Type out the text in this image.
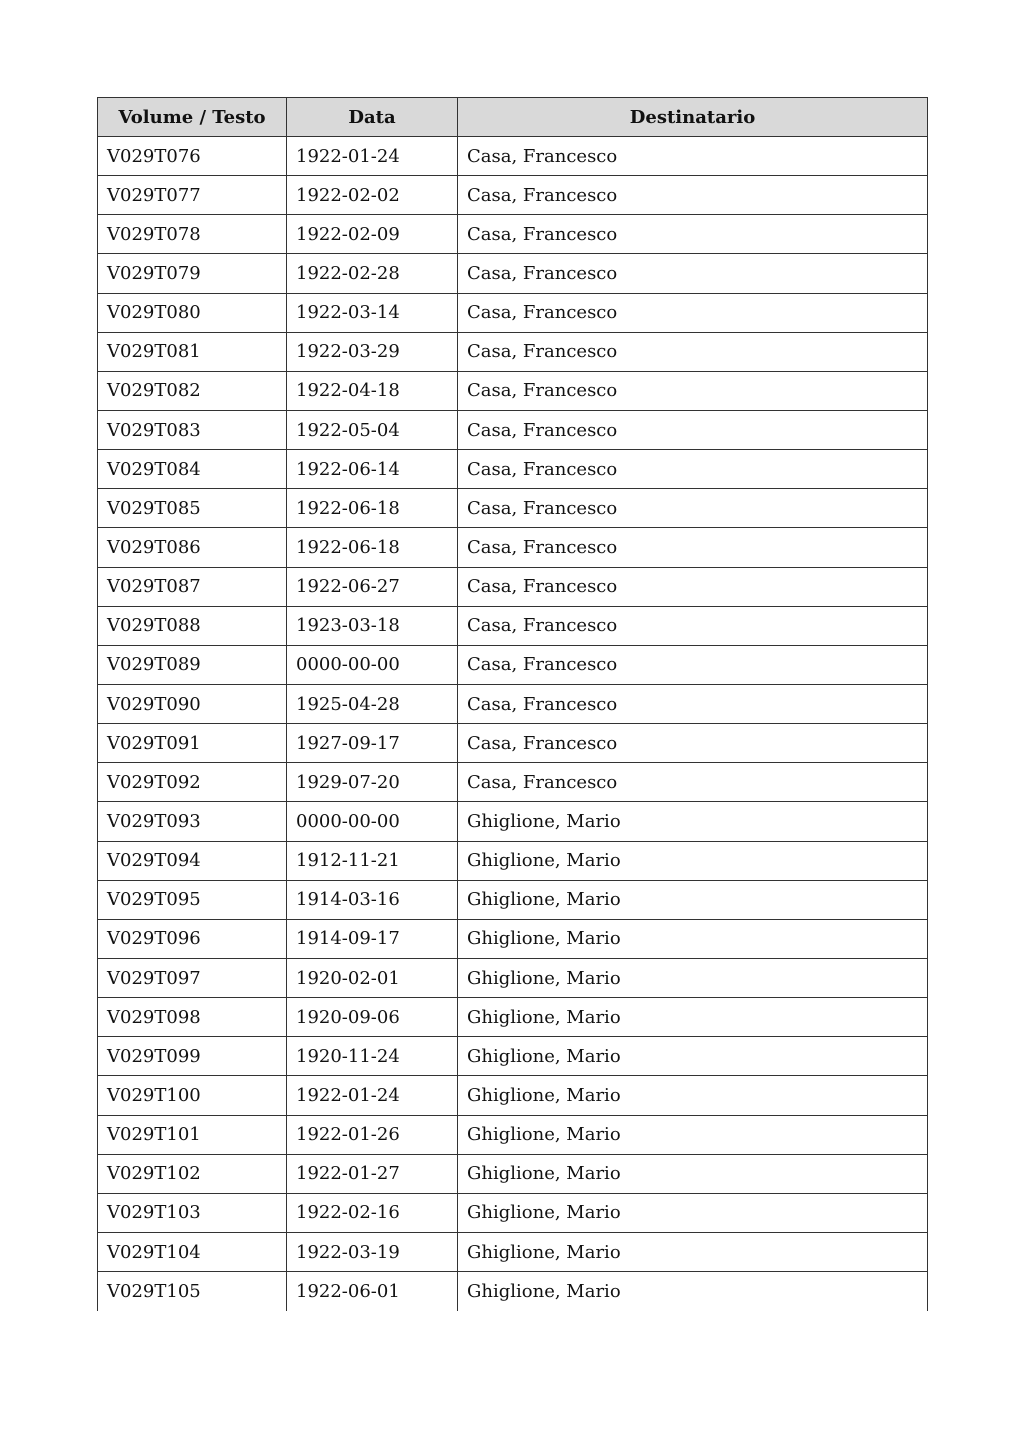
Volume / Testo	Data	Destinatario
V029T076	1922-01-24	Casa, Francesco
V029T077	1922-02-02	Casa, Francesco
V029T078	1922-02-09	Casa, Francesco
V029T079	1922-02-28	Casa, Francesco
V029T080	1922-03-14	Casa, Francesco
V029T081	1922-03-29	Casa, Francesco
V029T082	1922-04-18	Casa, Francesco
V029T083	1922-05-04	Casa, Francesco
V029T084	1922-06-14	Casa, Francesco
V029T085	1922-06-18	Casa, Francesco
V029T086	1922-06-18	Casa, Francesco
V029T087	1922-06-27	Casa, Francesco
V029T088	1923-03-18	Casa, Francesco
V029T089	0000-00-00	Casa, Francesco
V029T090	1925-04-28	Casa, Francesco
V029T091	1927-09-17	Casa, Francesco
V029T092	1929-07-20	Casa, Francesco
V029T093	0000-00-00	Ghiglione, Mario
V029T094	1912-11-21	Ghiglione, Mario
V029T095	1914-03-16	Ghiglione, Mario
V029T096	1914-09-17	Ghiglione, Mario
V029T097	1920-02-01	Ghiglione, Mario
V029T098	1920-09-06	Ghiglione, Mario
V029T099	1920-11-24	Ghiglione, Mario
V029T100	1922-01-24	Ghiglione, Mario
V029T101	1922-01-26	Ghiglione, Mario
V029T102	1922-01-27	Ghiglione, Mario
V029T103	1922-02-16	Ghiglione, Mario
V029T104	1922-03-19	Ghiglione, Mario
V029T105	1922-06-01	Ghiglione, Mario
